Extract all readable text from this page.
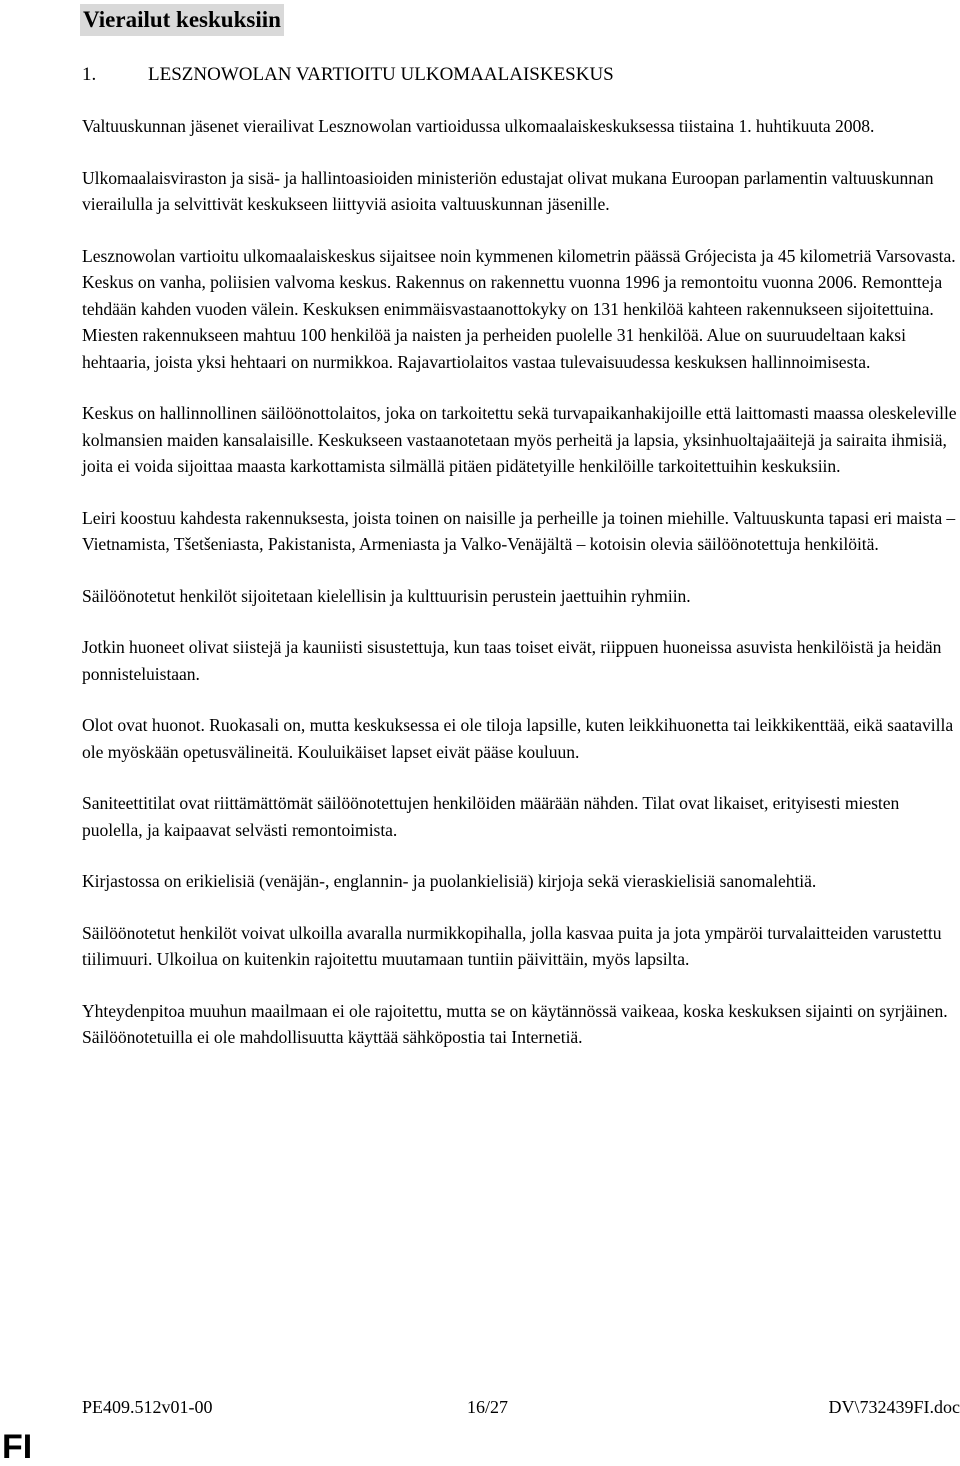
Vierailut keskuksiin
1.	LESZNOWOLAN VARTIOITU ULKOMAALAISKESKUS

Valtuuskunnan jäsenet vierailivat Lesznowolan vartioidussa ulkomaalaiskeskuksessa tiistaina 1. huhtikuuta 2008.

Ulkomaalaisviraston ja sisä- ja hallintoasioiden ministeriön edustajat olivat mukana Euroopan parlamentin valtuuskunnan vierailulla ja selvittivät keskukseen liittyviä asioita valtuuskunnan jäsenille.

Lesznowolan vartioitu ulkomaalaiskeskus sijaitsee noin kymmenen kilometrin päässä Grójecista ja 45 kilometriä Varsovasta. Keskus on vanha, poliisien valvoma keskus. Rakennus on rakennettu vuonna 1996 ja remontoitu vuonna 2006. Remontteja tehdään kahden vuoden välein. Keskuksen enimmäisvastaanottokyky on 131 henkilöä kahteen rakennukseen sijoitettuina. Miesten rakennukseen mahtuu 100 henkilöä ja naisten ja perheiden puolelle 31 henkilöä. Alue on suuruudeltaan kaksi hehtaaria, joista yksi hehtaari on nurmikkoa. Rajavartiolaitos vastaa tulevaisuudessa keskuksen hallinnoimisesta.

Keskus on hallinnollinen säilöönottolaitos, joka on tarkoitettu sekä turvapaikanhakijoille että laittomasti maassa oleskeleville kolmansien maiden kansalaisille. Keskukseen vastaanotetaan myös perheitä ja lapsia, yksinhuoltajaäitejä ja sairaita ihmisiä, joita ei voida sijoittaa maasta karkottamista silmällä pitäen pidätetyille henkilöille tarkoitettuihin keskuksiin.

Leiri koostuu kahdesta rakennuksesta, joista toinen on naisille ja perheille ja toinen miehille. Valtuuskunta tapasi eri maista – Vietnamista, Tšetšeniasta, Pakistanista, Armeniasta ja Valko-Venäjältä – kotoisin olevia säilöönotettuja henkilöitä.

Säilöönotetut henkilöt sijoitetaan kielellisin ja kulttuurisin perustein jaettuihin ryhmiin.

Jotkin huoneet olivat siistejä ja kauniisti sisustettuja, kun taas toiset eivät, riippuen huoneissa asuvista henkilöistä ja heidän ponnisteluistaan.

Olot ovat huonot. Ruokasali on, mutta keskuksessa ei ole tiloja lapsille, kuten leikkihuonetta tai leikkikenttää, eikä saatavilla ole myöskään opetusvälineitä. Kouluikäiset lapset eivät pääse kouluun.

Saniteettitilat ovat riittämättömät säilöönotettujen henkilöiden määrään nähden. Tilat ovat likaiset, erityisesti miesten puolella, ja kaipaavat selvästi remontoimista.

Kirjastossa on erikielisiä (venäjän-, englannin- ja puolankielisiä) kirjoja sekä vieraskielisiä sanomalehtiä.

Säilöönotetut henkilöt voivat ulkoilla avaralla nurmikkopihalla, jolla kasvaa puita ja jota ympäröi turvalaitteiden varustettu tiilimuuri. Ulkoilua on kuitenkin rajoitettu muutamaan tuntiin päivittäin, myös lapsilta.

Yhteydenpitoa muuhun maailmaan ei ole rajoitettu, mutta se on käytännössä vaikeaa, koska keskuksen sijainti on syrjäinen. Säilöönotetuilla ei ole mahdollisuutta käyttää sähköpostia tai Internetiä.

PE409.512v01-00	16/27	DV\732439FI.doc
FI
